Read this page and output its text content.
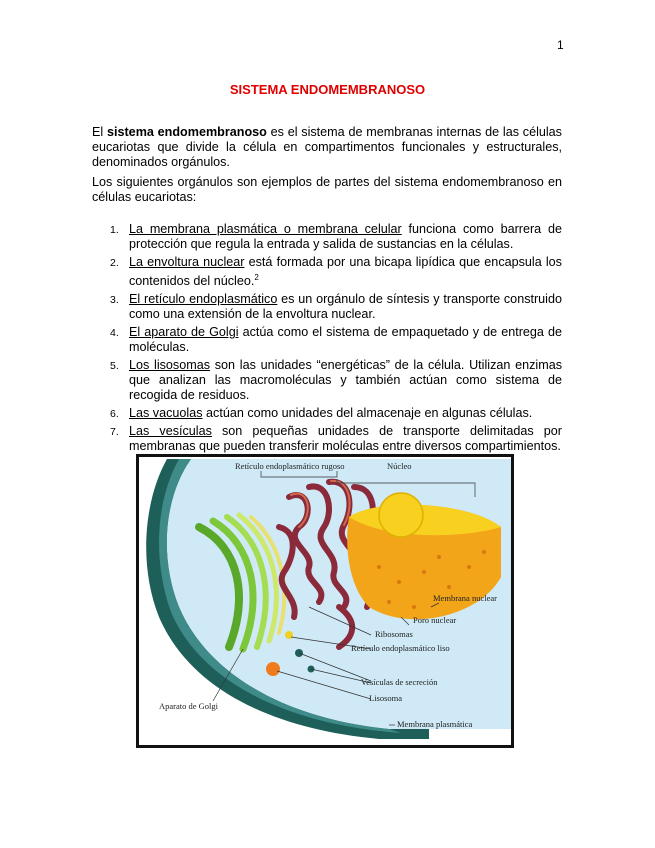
1
SISTEMA ENDOMEMBRANOSO
El sistema endomembranoso es el sistema de membranas internas de las células eucariotas que divide la célula en compartimentos funcionales y estructurales, denominados orgánulos.
Los siguientes orgánulos son ejemplos de partes del sistema endomembranoso en células eucariotas:
1. La membrana plasmática o membrana celular funciona como barrera de protección que regula la entrada y salida de sustancias en la células.
2. La envoltura nuclear está formada por una bicapa lipídica que encapsula los contenidos del núcleo.$^2$
3. El retículo endoplasmático es un orgánulo de síntesis y transporte construido como una extensión de la envoltura nuclear.
4. El aparato de Golgi actúa como el sistema de empaquetado y de entrega de moléculas.
5. Los lisosomas son las unidades “energéticas” de la célula. Utilizan enzimas que analizan las macromoléculas y también actúan como sistema de recogida de residuos.
6. Las vacuolas actúan como unidades del almacenaje en algunas células.
7. Las vesículas son pequeñas unidades de transporte delimitadas por membranas que pueden transferir moléculas entre diversos compartimientos.
Retículo endoplasmático rugoso	Núcleo
Membrana nuclear
Poro nuclear
Ribosomas
Retículo endoplasmático liso
Vesículas de secreción
Lisosoma
Membrana plasmática
Aparato de Golgi
